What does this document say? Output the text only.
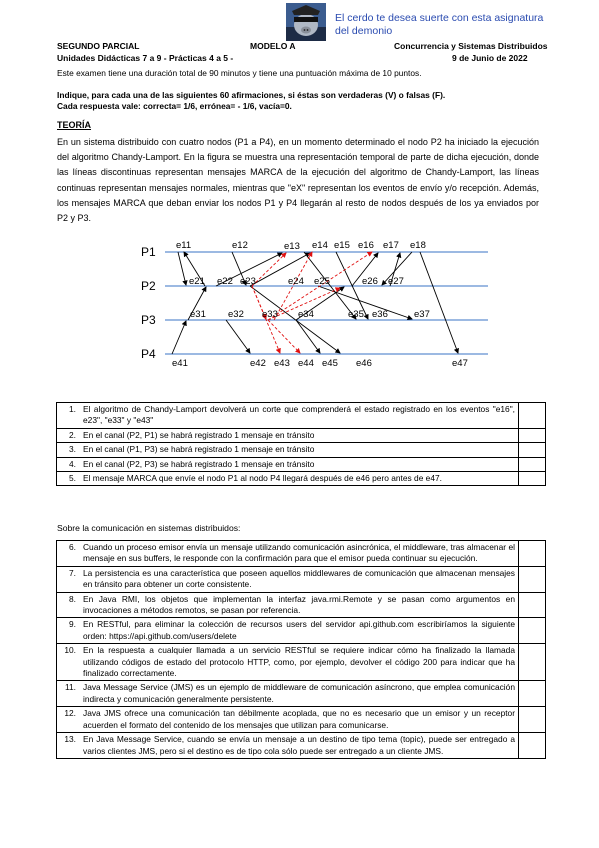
El cerdo te desea suerte con esta asignatura
del demonio
SEGUNDO PARCIAL	MODELO A	Concurrencia y Sistemas Distribuidos
Unidades Didácticas 7 a 9 - Prácticas 4 a 5 -	9 de Junio de 2022
Este examen tiene una duración total de 90 minutos y tiene una puntuación máxima de 10 puntos.
Indique, para cada una de las siguientes 60 afirmaciones, si éstas son verdaderas (V) o falsas (F).
Cada respuesta vale: correcta= 1/6, errónea= - 1/6, vacía=0.
TEORÍA
En un sistema distribuido con cuatro nodos (P1 a P4), en un momento determinado el nodo P2 ha iniciado la ejecución del algoritmo Chandy-Lamport. En la figura se muestra una representación temporal de parte de dicha ejecución, donde las líneas discontinuas representan mensajes MARCA de la ejecución del algoritmo de Chandy-Lamport, las líneas continuas representan mensajes normales, mientras que "eX" representan los eventos de envío y/o recepción. Además, los mensajes MARCA que deban enviar los nodos P1 y P4 llegarán al resto de nodos después de los ya enviados por P2 y P3.
P1
P2
P3
P4
e11	e12	e13 e14 e15 e16 e17 e18
e21 e22 e23	e24 e25	e26 e27
e31 e32 e33 e34	e35 e36	e37
e41	e42 e43 e44 e45 e46	e47
1.	El algoritmo de Chandy-Lamport devolverá un corte que comprenderá el estado registrado en los eventos "e16", e23", "e33" y "e43"	
2.	En el canal (P2, P1) se habrá registrado 1 mensaje en tránsito	
3.	En el canal (P1, P3) se habrá registrado 1 mensaje en tránsito	
4.	En el canal (P2, P3) se habrá registrado 1 mensaje en tránsito	
5.	El mensaje MARCA que envíe el nodo P1 al nodo P4 llegará después de e46 pero antes de e47.	
Sobre la comunicación en sistemas distribuidos:
6.	Cuando un proceso emisor envía un mensaje utilizando comunicación asincrónica, el middleware, tras almacenar el mensaje en sus buffers, le responde con la confirmación para que el emisor pueda continuar su ejecución.	
7.	La persistencia es una característica que poseen aquellos middlewares de comunicación que almacenan mensajes en tránsito para obtener un corte consistente.	
8.	En Java RMI, los objetos que implementan la interfaz java.rmi.Remote y se pasan como argumentos en invocaciones a métodos remotos, se pasan por referencia.	
9.	En RESTful, para eliminar la colección de recursos users del servidor api.github.com escribiríamos la siguiente orden: https://api.github.com/users/delete	
10.	En la respuesta a cualquier llamada a un servicio RESTful se requiere indicar cómo ha finalizado la llamada utilizando códigos de estado del protocolo HTTP, como, por ejemplo, devolver el código 200 para indicar que ha finalizado correctamente.	
11.	Java Message Service (JMS) es un ejemplo de middleware de comunicación asíncrono, que emplea comunicación indirecta y comunicación generalmente persistente.	
12.	Java JMS ofrece una comunicación tan débilmente acoplada, que no es necesario que un emisor y un receptor acuerden el formato del contenido de los mensajes que utilizan para comunicarse.	
13.	En Java Message Service, cuando se envía un mensaje a un destino de tipo tema (topic), puede ser entregado a varios clientes JMS, pero si el destino es de tipo cola sólo puede ser entregado a un cliente JMS.	
